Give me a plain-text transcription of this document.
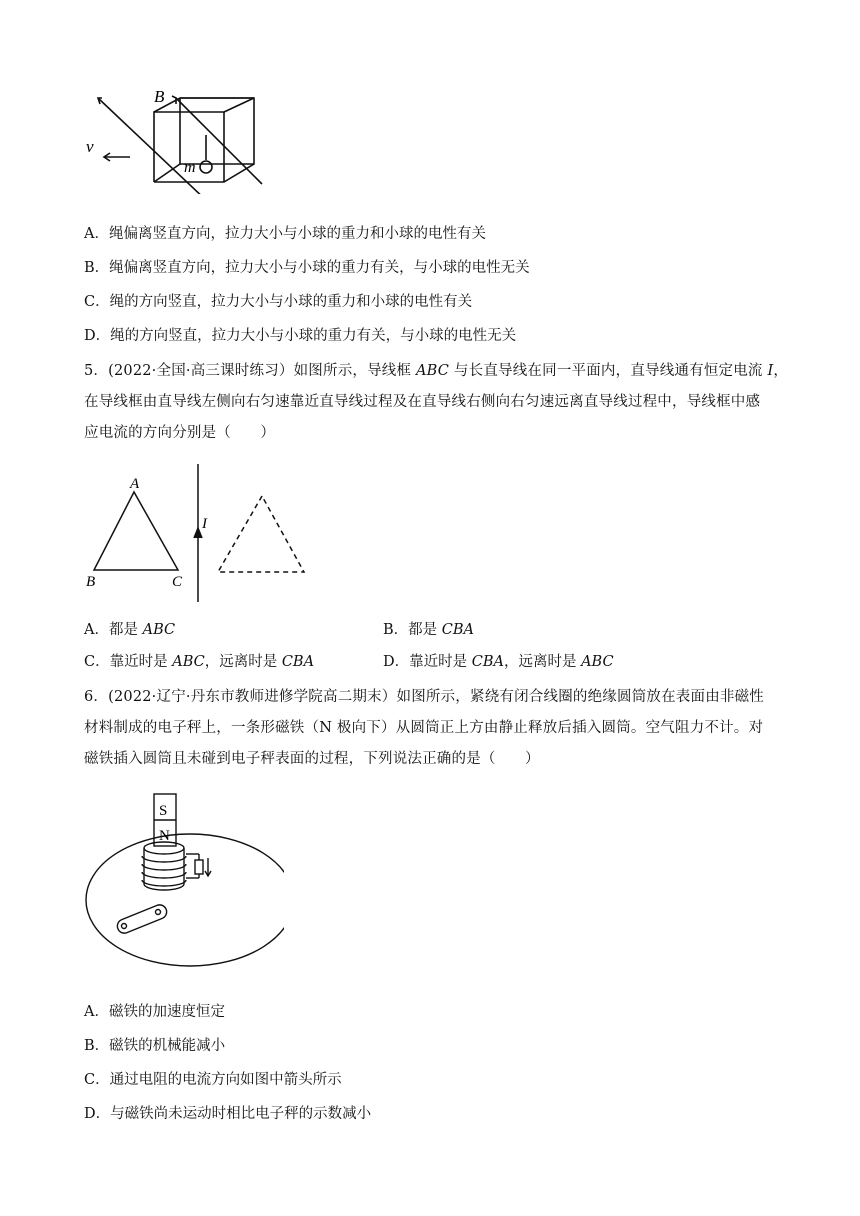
B
v
m
A．绳偏离竖直方向，拉力大小与小球的重力和小球的电性有关
B．绳偏离竖直方向，拉力大小与小球的重力有关，与小球的电性无关
C．绳的方向竖直，拉力大小与小球的重力和小球的电性有关
D．绳的方向竖直，拉力大小与小球的重力有关，与小球的电性无关
5．(2022·全国·高三课时练习）如图所示，导线框 ABC 与长直导线在同一平面内，直导线通有恒定电流 I，
在导线框由直导线左侧向右匀速靠近直导线过程及在直导线右侧向右匀速远离直导线过程中，导线框中感
应电流的方向分别是（　　）
A
B	C
I
A．都是 ABC	B．都是 CBA
C．靠近时是 ABC，远离时是 CBA	D．靠近时是 CBA，远离时是 ABC
6．(2022·辽宁·丹东市教师进修学院高二期末）如图所示，紧绕有闭合线圈的绝缘圆筒放在表面由非磁性
材料制成的电子秤上，一条形磁铁（N 极向下）从圆筒正上方由静止释放后插入圆筒。空气阻力不计。对
磁铁插入圆筒且未碰到电子秤表面的过程，下列说法正确的是（　　）
S
N
A．磁铁的加速度恒定
B．磁铁的机械能减小
C．通过电阻的电流方向如图中箭头所示
D．与磁铁尚未运动时相比电子秤的示数减小
